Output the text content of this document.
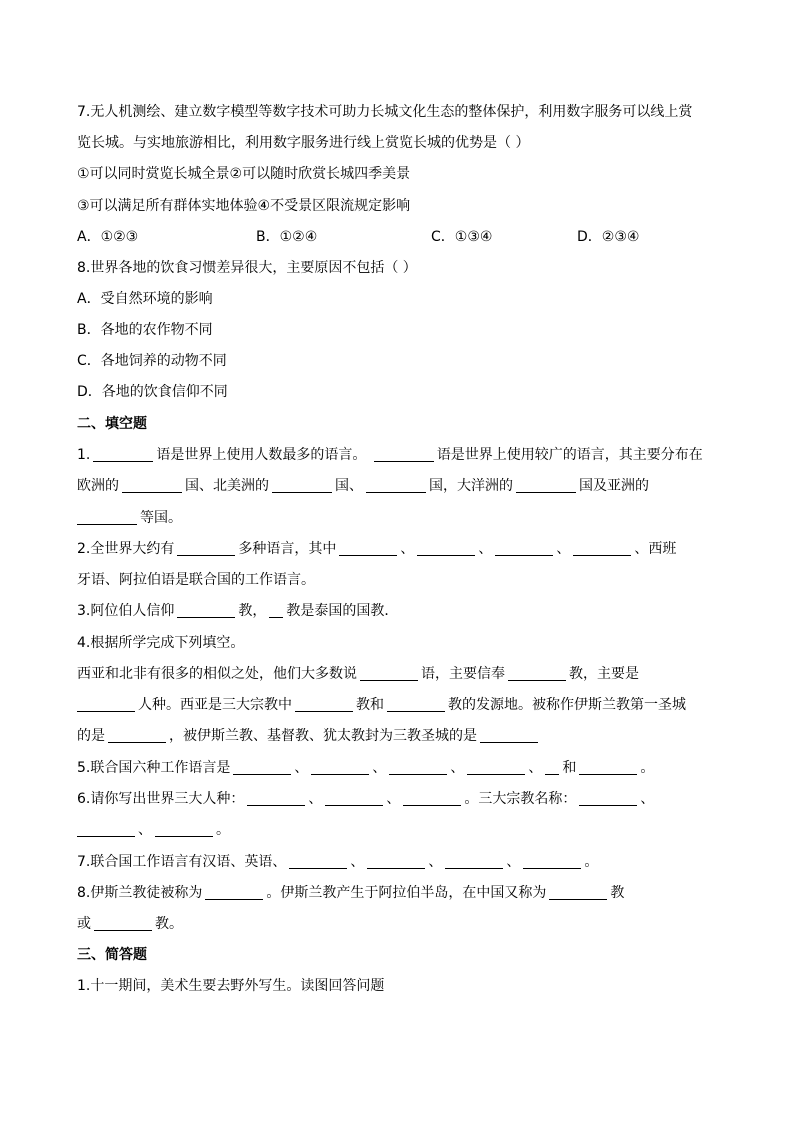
7.无人机测绘、建立数字模型等数字技术可助力长城文化生态的整体保护，利用数字服务可以线上赏
览长城。与实地旅游相比，利用数字服务进行线上赏览长城的优势是（ ）
①可以同时赏览长城全景②可以随时欣赏长城四季美景
③可以满足所有群体实地体验④不受景区限流规定影响
A．①②③	B．①②④	C．①③④	D．②③④
8.世界各地的饮食习惯差异很大，主要原因不包括（ ）
A．受自然环境的影响
B．各地的农作物不同
C．各地饲养的动物不同
D．各地的饮食信仰不同
二、填空题
1.	语是世界上使用人数最多的语言。	语是世界上使用较广的语言，其主要分布在
欧洲的	国、北美洲的	国、	国，大洋洲的	国及亚洲的
等国。
2.全世界大约有	多种语言，其中	、	、	、	、西班
牙语、阿拉伯语是联合国的工作语言。
3.阿位伯人信仰	教， 教是泰国的国教．
4.根据所学完成下列填空。
西亚和北非有很多的相似之处，他们大多数说	语，主要信奉	教，主要是
人种。西亚是三大宗教中	教和	教的发源地。被称作伊斯兰教第一圣城
的是	，被伊斯兰教、基督教、犹太教封为三教圣城的是
5.联合国六种工作语言是	、	、	、	、 和	。
6.请你写出世界三大人种：	、	、	。三大宗教名称：	、
、	。
7.联合国工作语言有汉语、英语、	、	、	、	。
8.伊斯兰教徒被称为	。伊斯兰教产生于阿拉伯半岛，在中国又称为	教
或	教。
三、简答题
1.十一期间，美术生要去野外写生。读图回答问题
